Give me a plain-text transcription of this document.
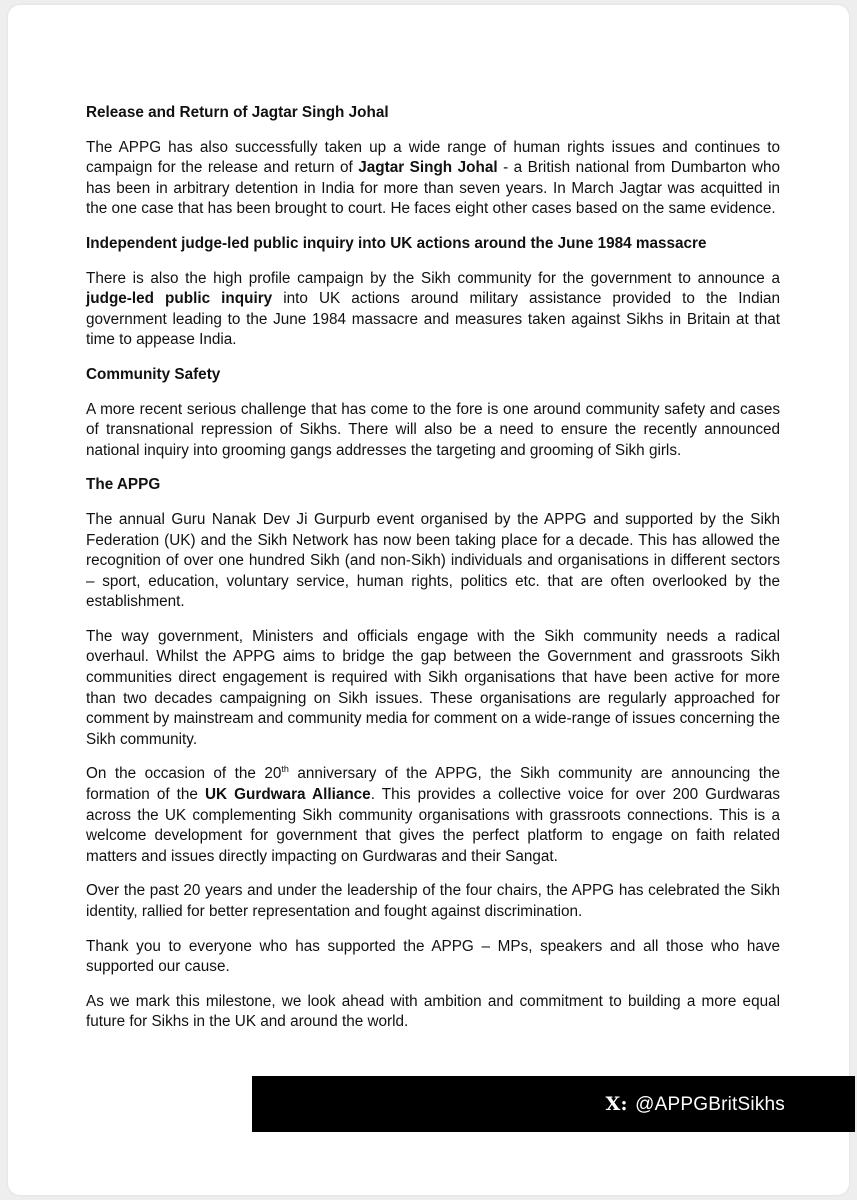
Release and Return of Jagtar Singh Johal

The APPG has also successfully taken up a wide range of human rights issues and continues to campaign for the release and return of Jagtar Singh Johal - a British national from Dumbarton who has been in arbitrary detention in India for more than seven years. In March Jagtar was acquitted in the one case that has been brought to court. He faces eight other cases based on the same evidence.

Independent judge-led public inquiry into UK actions around the June 1984 massacre

There is also the high profile campaign by the Sikh community for the government to announce a judge-led public inquiry into UK actions around military assistance provided to the Indian government leading to the June 1984 massacre and measures taken against Sikhs in Britain at that time to appease India.

Community Safety

A more recent serious challenge that has come to the fore is one around community safety and cases of transnational repression of Sikhs. There will also be a need to ensure the recently announced national inquiry into grooming gangs addresses the targeting and grooming of Sikh girls.

The APPG

The annual Guru Nanak Dev Ji Gurpurb event organised by the APPG and supported by the Sikh Federation (UK) and the Sikh Network has now been taking place for a decade. This has allowed the recognition of over one hundred Sikh (and non-Sikh) individuals and organisations in different sectors – sport, education, voluntary service, human rights, politics etc. that are often overlooked by the establishment.

The way government, Ministers and officials engage with the Sikh community needs a radical overhaul. Whilst the APPG aims to bridge the gap between the Government and grassroots Sikh communities direct engagement is required with Sikh organisations that have been active for more than two decades campaigning on Sikh issues. These organisations are regularly approached for comment by mainstream and community media for comment on a wide-range of issues concerning the Sikh community.

On the occasion of the 20th anniversary of the APPG, the Sikh community are announcing the formation of the UK Gurdwara Alliance. This provides a collective voice for over 200 Gurdwaras across the UK complementing Sikh community organisations with grassroots connections. This is a welcome development for government that gives the perfect platform to engage on faith related matters and issues directly impacting on Gurdwaras and their Sangat.

Over the past 20 years and under the leadership of the four chairs, the APPG has celebrated the Sikh identity, rallied for better representation and fought against discrimination.

Thank you to everyone who has supported the APPG – MPs, speakers and all those who have supported our cause.

As we mark this milestone, we look ahead with ambition and commitment to building a more equal future for Sikhs in the UK and around the world.

X: @APPGBritSikhs
